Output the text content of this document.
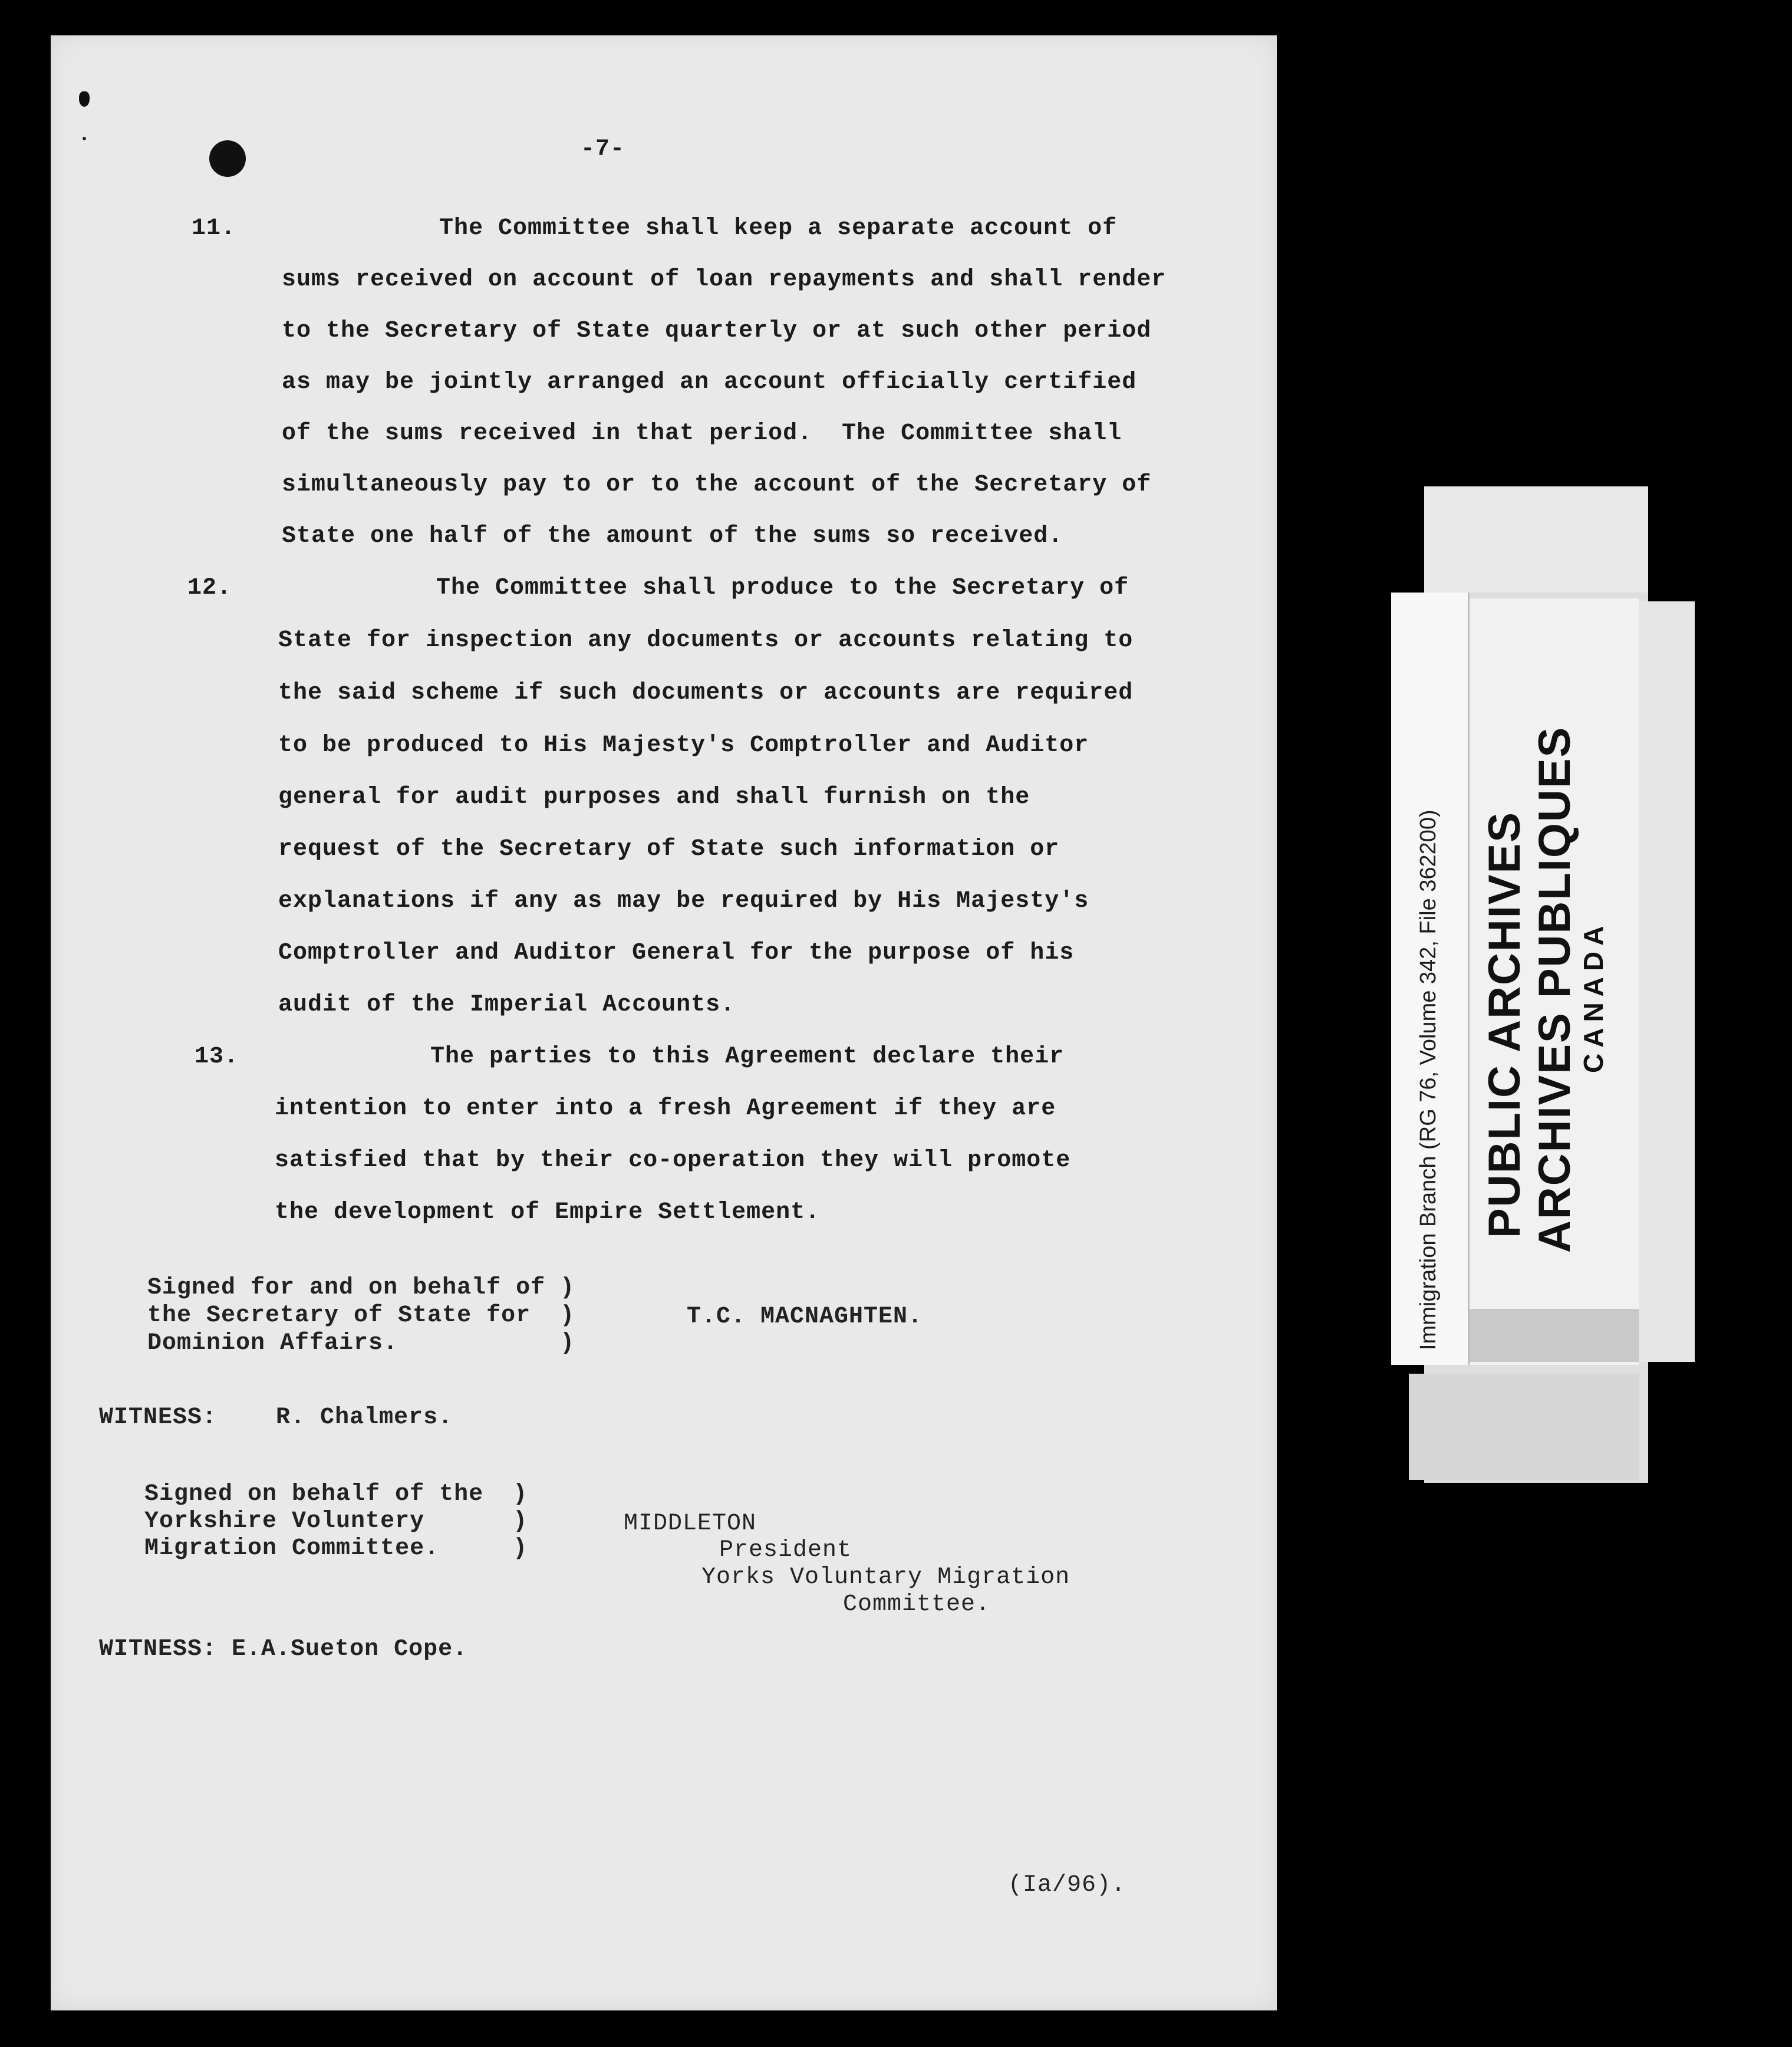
-7-
11.	The Committee shall keep a separate account of
sums received on account of loan repayments and shall render
to the Secretary of State quarterly or at such other period
as may be jointly arranged an account officially certified
of the sums received in that period.  The Committee shall
simultaneously pay to or to the account of the Secretary of
State one half of the amount of the sums so received.
12.	The Committee shall produce to the Secretary of
State for inspection any documents or accounts relating to
the said scheme if such documents or accounts are required
to be produced to His Majesty's Comptroller and Auditor
general for audit purposes and shall furnish on the
request of the Secretary of State such information or
explanations if any as may be required by His Majesty's
Comptroller and Auditor General for the purpose of his
audit of the Imperial Accounts.
13.	The parties to this Agreement declare their
intention to enter into a fresh Agreement if they are
satisfied that by their co-operation they will promote
the development of Empire Settlement.
Signed for and on behalf of )
the Secretary of State for  )
Dominion Affairs.           )
T.C. MACNAGHTEN.
WITNESS:    R. Chalmers.
Signed on behalf of the  )
Yorkshire Voluntery      )
Migration Committee.     )
MIDDLETON
President
Yorks Voluntary Migration
Committee.
WITNESS: E.A.Sueton Cope.
(Ia/96).
Immigration Branch (RG 76, Volume 342, File 362200) PUBLIC ARCHIVES ARCHIVES PUBLIQUES
CANADA
